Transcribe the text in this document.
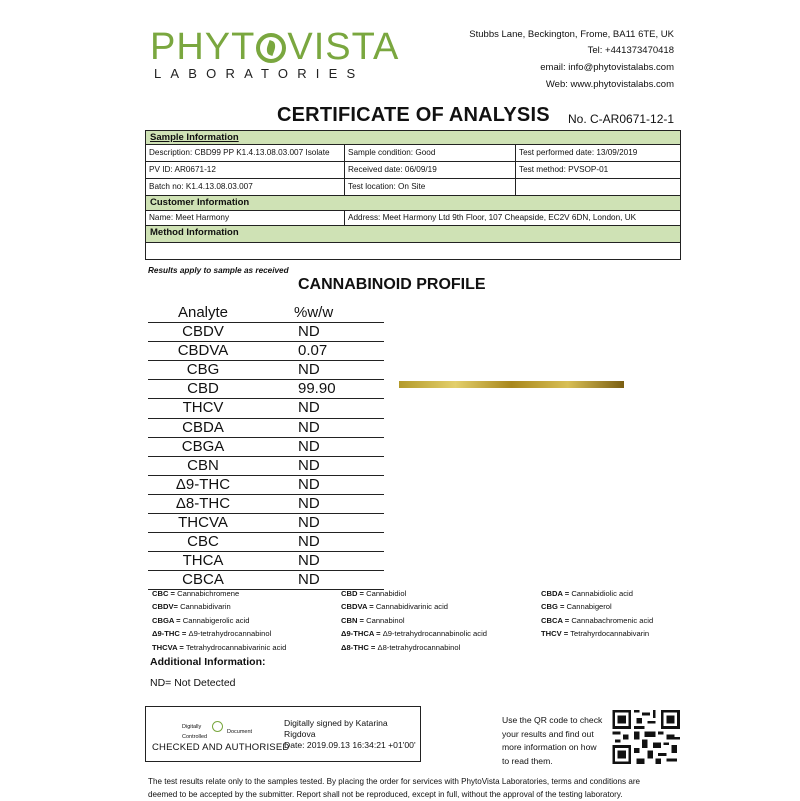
PHYT VISTA
LABORATORIES
Stubbs Lane, Beckington, Frome, BA11 6TE, UK
Tel: +441373470418
email: info@phytovistalabs.com
Web: www.phytovistalabs.com
CERTIFICATE OF ANALYSIS No. C-AR0671-12-1
Sample Information
Description: CBD99 PP K1.4.13.08.03.007 Isolate	Sample condition: Good	Test performed date: 13/09/2019
PV ID: AR0671-12	Received date: 06/09/19	Test method: PVSOP-01
Batch no: K1.4.13.08.03.007	Test location: On Site
Customer Information
Name: Meet Harmony	Address: Meet Harmony Ltd 9th Floor, 107 Cheapside, EC2V 6DN, London, UK
Method Information
Results apply to sample as received
CANNABINOID PROFILE
Analyte	%w/w
CBDV	ND
CBDVA	0.07
CBG	ND
CBD	99.90
THCV	ND
CBDA	ND
CBGA	ND
CBN	ND
Δ9-THC	ND
Δ8-THC	ND
THCVA	ND
CBC	ND
THCA	ND
CBCA	ND
CBC = Cannabichromene
CBDV= Cannabidivarin
CBGA = Cannabigerolic acid
Δ9-THC = Δ9-tetrahydrocannabinol
THCVA = Tetrahydrocannabivarinic acid
CBD = Cannabidiol
CBDVA = Cannabidivarinic acid
CBN = Cannabinol
Δ9-THCA = Δ9-tetrahydrocannabinolic acid
Δ8-THC = Δ8-tetrahydrocannabinol
CBDA = Cannabidiolic acid
CBG = Cannabigerol
CBCA = Cannabachromenic acid
THCV = Tetrahyrdocannabivarin
Additional Information:
ND= Not Detected
Digitally
Document
Controlled
CHECKED AND AUTHORISED
Digitally signed by Katarina
Rigdova
Date: 2019.09.13 16:34:21 +01'00'
Use the QR code to check
your results and find out
more information on how
to read them.
The test results relate only to the samples tested. By placing the order for services with PhytoVista Laboratories, terms and conditions are
deemed to be accepted by the submitter. Report shall not be reproduced, except in full, without the approval of the testing laboratory.
